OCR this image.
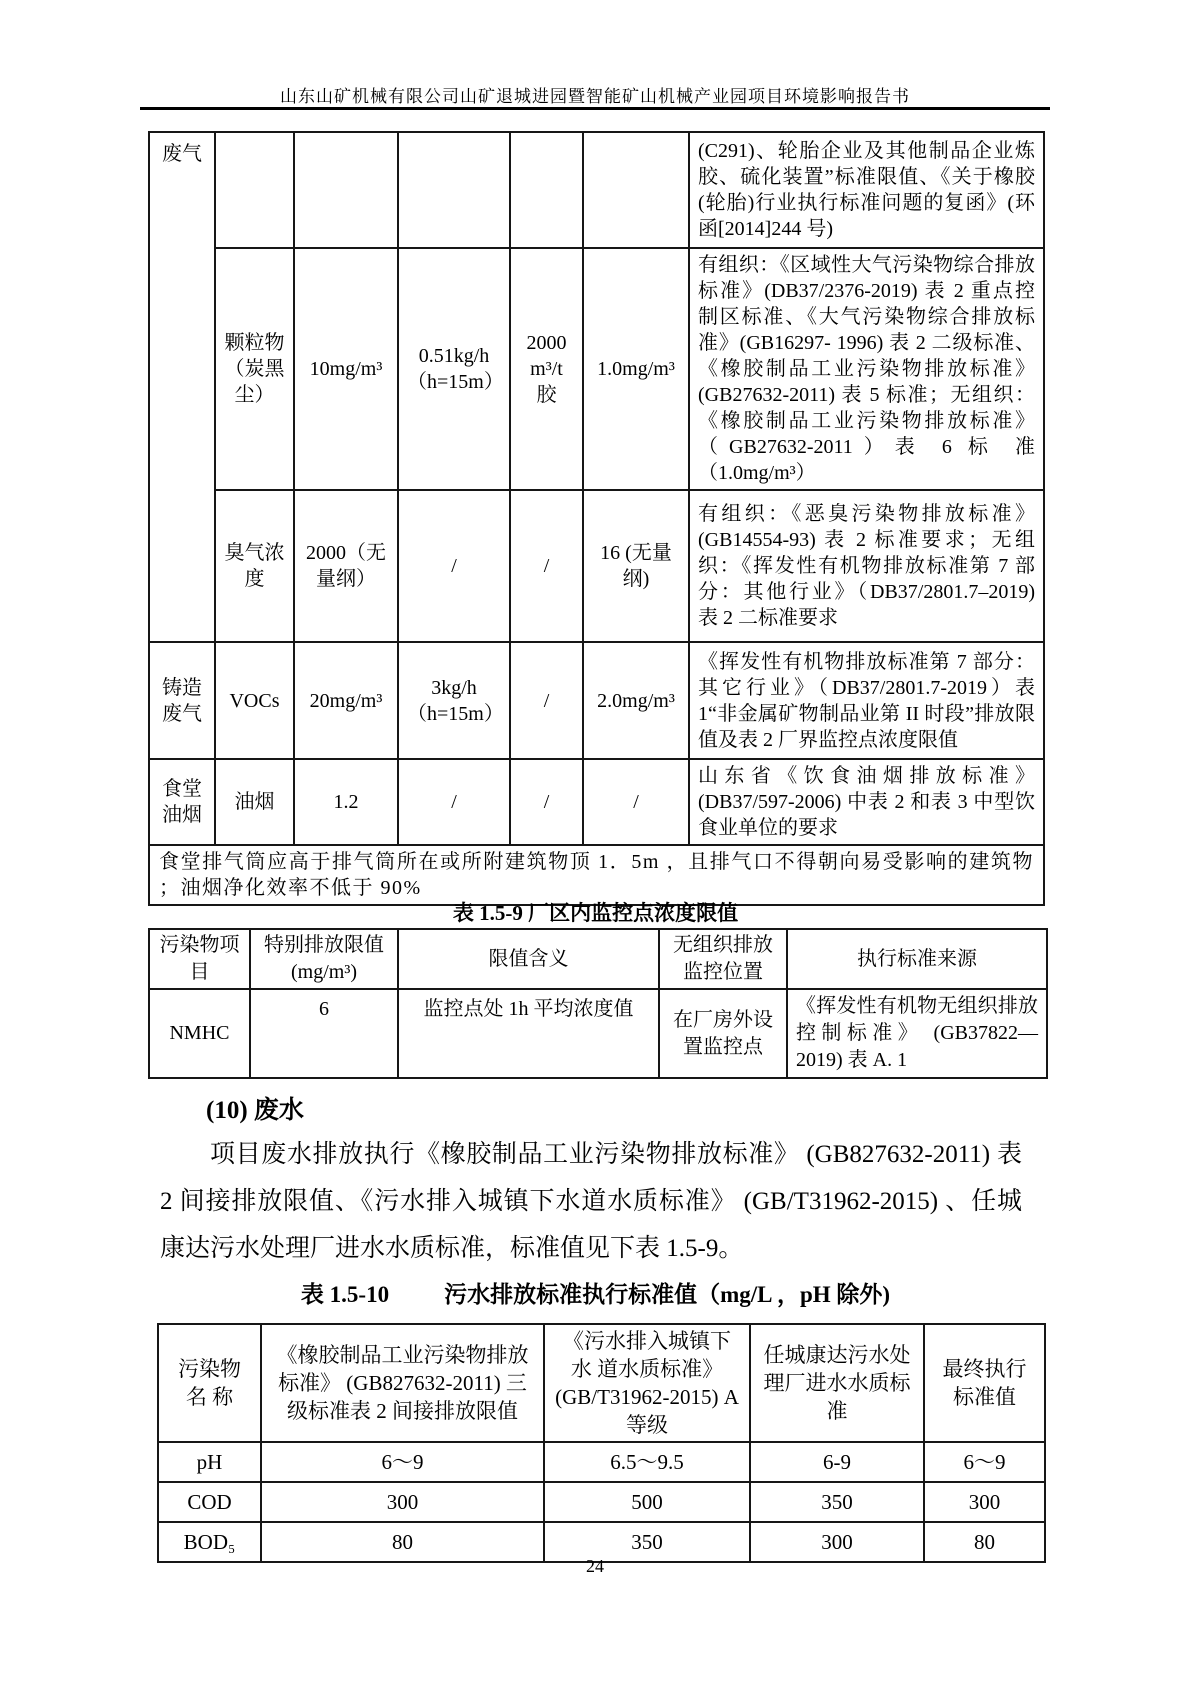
山东山矿机械有限公司山矿退城进园暨智能矿山机械产业园项目环境影响报告书
废气						(C291)、轮胎企业及其他制品企业炼胶、硫化装置”标准限值、《关于橡胶(轮胎)行业执行标准问题的复函》(环函[2014]244 号)
	颗粒物（炭黑尘）	10mg/m³	0.51kg/h（h=15m）	2000 m³/t 胶	1.0mg/m³	有组织：《区域性大气污染物综合排放标准》(DB37/2376-2019) 表 2 重点控制区标准、《大气污染物综合排放标准》(GB16297- 1996) 表 2 二级标准、《橡胶制品工业污染物排放标准》(GB27632-2011) 表 5 标准；无组织：《橡胶制品工业污染物排放标准》（GB27632-2011）表 6 标 准（1.0mg/m³）
	臭气浓度	2000（无量纲）	/	/	16 (无量纲)	有组织：《恶臭污染物排放标准》(GB14554-93) 表 2 标准要求；无组织：《挥发性有机物排放标准第 7 部分：其他行业》（DB37/2801.7–2019) 表 2 二标准要求
铸造废气	VOCs	20mg/m³	3kg/h（h=15m）	/	2.0mg/m³	《挥发性有机物排放标准第 7 部分：其它行业》（DB37/2801.7-2019）表 1“非金属矿物制品业第 II 时段”排放限 值及表 2 厂界监控点浓度限值
食堂油烟	油烟	1.2	/	/	/	山东省《饮食油烟排放标准》 (DB37/597-2006) 中表 2 和表 3 中型饮食业单位的要求
食堂排气筒应高于排气筒所在或所附建筑物顶 1．5m ，且排气口不得朝向易受影响的建筑物 ；油烟净化效率不低于 90%						
表 1.5-9 厂区内监控点浓度限值
污染物项目	特别排放限值 (mg/m³)	限值含义	无组织排放监控位置	执行标准来源
NMHC	6	监控点处 1h 平均浓度值	在厂房外设置监控点	《挥发性有机物无组织排放控制标准》 (GB37822—2019) 表 A. 1
(10) 废水
项目废水排放执行《橡胶制品工业污染物排放标准》 (GB827632-2011) 表 2 间接排放限值、《污水排入城镇下水道水质标准》 (GB/T31962-2015) 、任城康达污水处理厂进水水质标准，标准值见下表 1.5-9。
表 1.5-10 污水排放标准执行标准值（mg/L ，pH 除外)
污染物 名 称	《橡胶制品工业污染物排放标准》 (GB827632-2011) 三级标准表 2 间接排放限值	《污水排入城镇下水 道水质标准》 (GB/T31962-2015) A 等级	任城康达污水处理厂进水水质标 准	最终执行标准值
pH	6～9	6.5～9.5	6-9	6～9
COD	300	500	350	300
BOD₅	80	350	300	80
24
